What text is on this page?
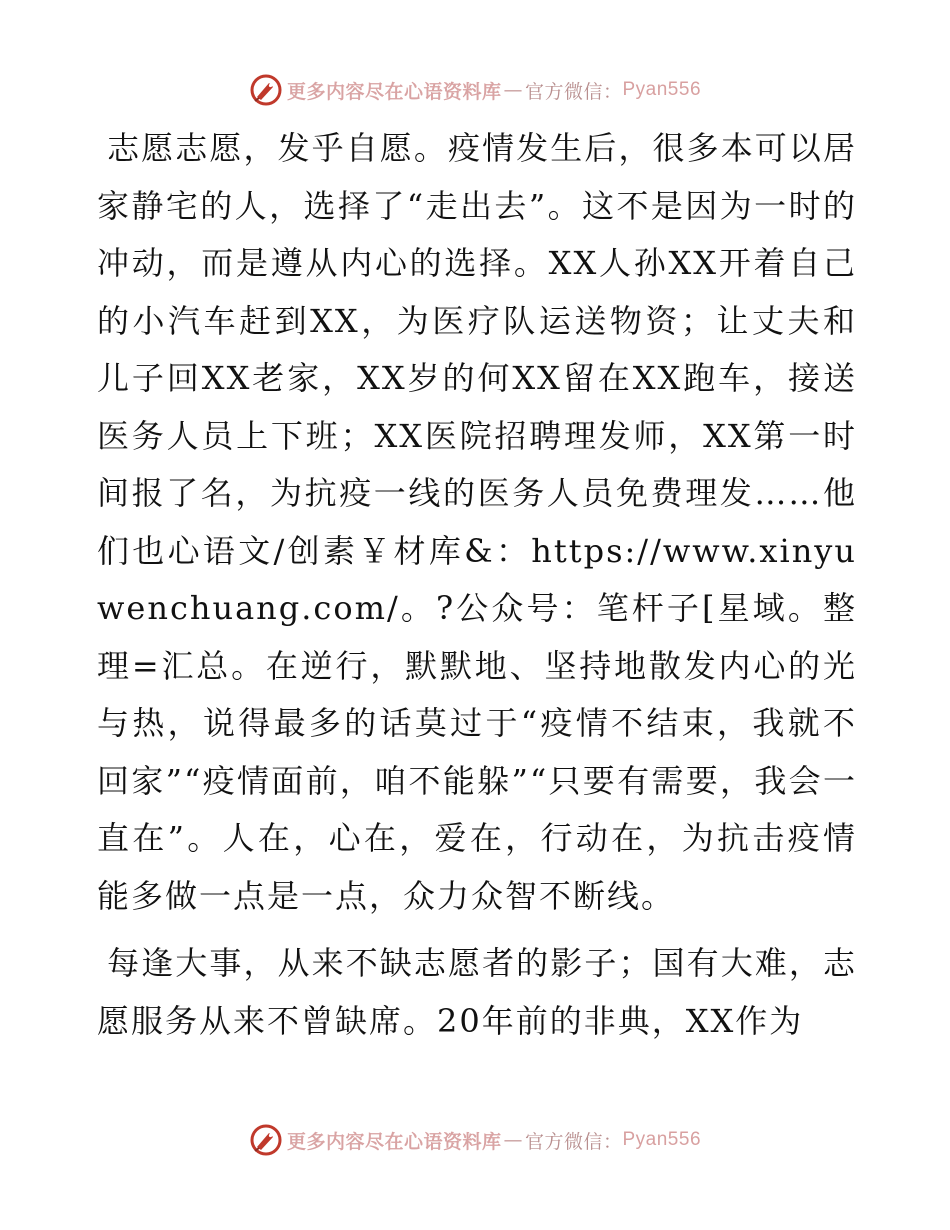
更多内容尽在心语资料库 — 官方微信： Pyan556

志愿志愿，发乎自愿。疫情发生后，很多本可以居家静宅的人，选择了“走出去”。这不是因为一时的冲动，而是遵从内心的选择。XX人孙XX开着自己的小汽车赶到XX，为医疗队运送物资；让丈夫和儿子回XX老家，XX岁的何XX留在XX跑车，接送医务人员上下班；XX医院招聘理发师，XX第一时间报了名，为抗疫一线的医务人员免费理发……他们也心语文/创素￥材库&：https://www.xinyuwenchuang.com/。?公众号：笔杆子[星域。整理=汇总。在逆行，默默地、坚持地散发内心的光与热，说得最多的话莫过于“疫情不结束，我就不回家”“疫情面前，咱不能躲”“只要有需要，我会一直在”。人在，心在，爱在，行动在，为抗击疫情能多做一点是一点，众力众智不断线。

每逢大事，从来不缺志愿者的影子；国有大难，志愿服务从来不曾缺席。20年前的非典，XX作为

更多内容尽在心语资料库 — 官方微信： Pyan556
